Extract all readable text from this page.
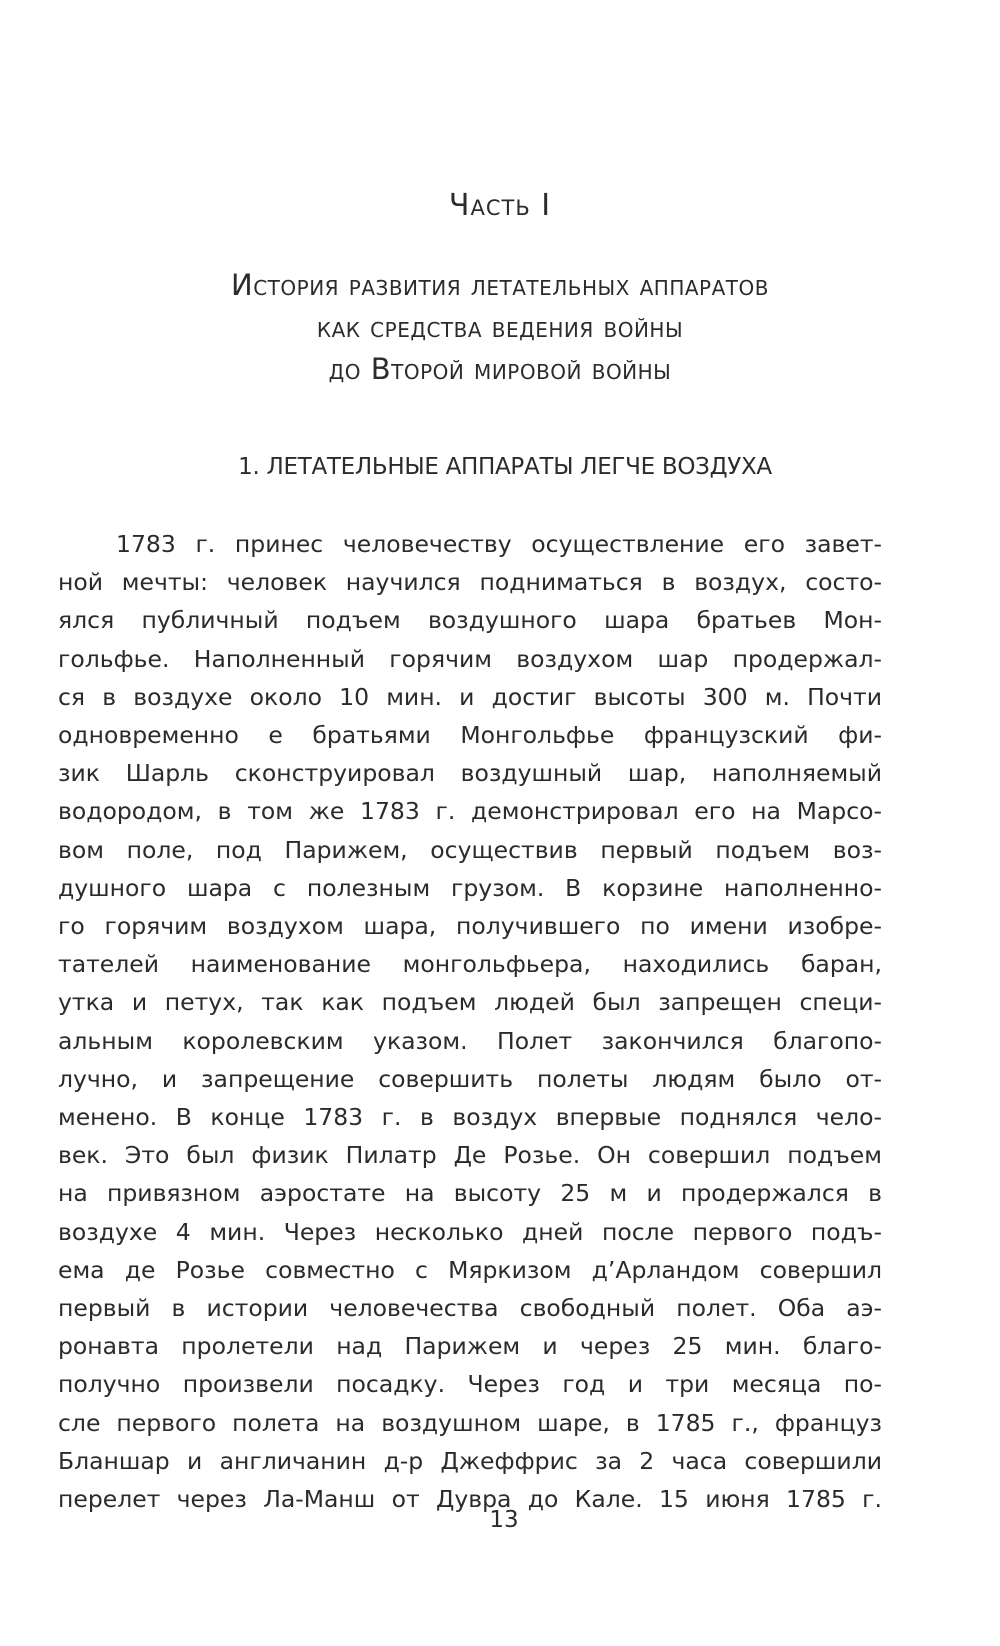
Часть I
История развития летательных аппаратов
как средства ведения войны
до Второй мировой войны
1. ЛЕТАТЕЛЬНЫЕ АППАРАТЫ ЛЕГЧЕ ВОЗДУХА

1783 г. принес человечеству осуществление его завет-
ной мечты: человек научился подниматься в воздух, состо-
ялся публичный подъем воздушного шара братьев Мон-
гольфье. Наполненный горячим воздухом шар продержал-
ся в воздухе около 10 мин. и достиг высоты 300 м. Почти
одновременно е братьями Монгольфье французский фи-
зик Шарль сконструировал воздушный шар, наполняемый
водородом, в том же 1783 г. демонстрировал его на Марсо-
вом поле, под Парижем, осуществив первый подъем воз-
душного шара с полезным грузом. В корзине наполненно-
го горячим воздухом шара, получившего по имени изобре-
тателей наименование монгольфьера, находились баран,
утка и петух, так как подъем людей был запрещен специ-
альным королевским указом. Полет закончился благопо-
лучно, и запрещение совершить полеты людям было от-
менено. В конце 1783 г. в воздух впервые поднялся чело-
век. Это был физик Пилатр Де Розье. Он совершил подъем
на привязном аэростате на высоту 25 м и продержался в
воздухе 4 мин. Через несколько дней после первого подъ-
ема де Розье совместно с Мяркизом д’Арландом совершил
первый в истории человечества свободный полет. Оба аэ-
ронавта пролетели над Парижем и через 25 мин. благо-
получно произвели посадку. Через год и три месяца по-
сле первого полета на воздушном шаре, в 1785 г., француз
Бланшар и англичанин д-р Джеффрис за 2 часа совершили
перелет через Ла-Манш от Дувра до Кале. 15 июня 1785 г.

13
